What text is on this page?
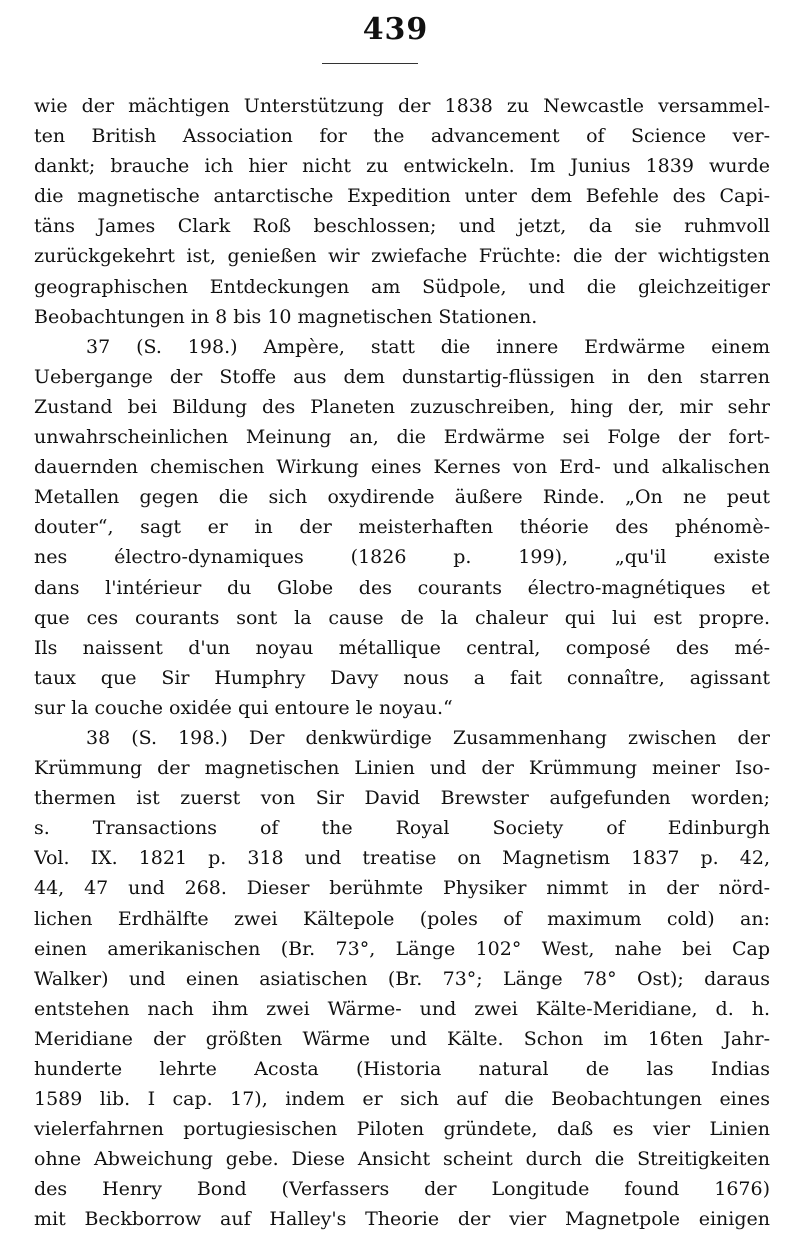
439
wie der mächtigen Unterstützung der 1838 zu Newcastle versammel-
ten British Association for the advancement of Science ver-
dankt; brauche ich hier nicht zu entwickeln. Im Junius 1839 wurde
die magnetische antarctische Expedition unter dem Befehle des Capi-
täns James Clark Roß beschlossen; und jetzt, da sie ruhmvoll
zurückgekehrt ist, genießen wir zwiefache Früchte: die der wichtigsten
geographischen Entdeckungen am Südpole, und die gleichzeitiger
Beobachtungen in 8 bis 10 magnetischen Stationen.
37 (S. 198.) Ampère, statt die innere Erdwärme einem
Uebergange der Stoffe aus dem dunstartig-flüssigen in den starren
Zustand bei Bildung des Planeten zuzuschreiben, hing der, mir sehr
unwahrscheinlichen Meinung an, die Erdwärme sei Folge der fort-
dauernden chemischen Wirkung eines Kernes von Erd- und alkalischen
Metallen gegen die sich oxydirende äußere Rinde. „On ne peut
douter“, sagt er in der meisterhaften théorie des phénomè-
nes électro-dynamiques (1826 p. 199), „qu'il existe
dans l'intérieur du Globe des courants électro-magnétiques et
que ces courants sont la cause de la chaleur qui lui est propre.
Ils naissent d'un noyau métallique central, composé des mé-
taux que Sir Humphry Davy nous a fait connaître, agissant
sur la couche oxidée qui entoure le noyau.“
38 (S. 198.) Der denkwürdige Zusammenhang zwischen der
Krümmung der magnetischen Linien und der Krümmung meiner Iso-
thermen ist zuerst von Sir David Brewster aufgefunden worden;
s. Transactions of the Royal Society of Edinburgh
Vol. IX. 1821 p. 318 und treatise on Magnetism 1837 p. 42,
44, 47 und 268. Dieser berühmte Physiker nimmt in der nörd-
lichen Erdhälfte zwei Kältepole (poles of maximum cold) an:
einen amerikanischen (Br. 73°, Länge 102° West, nahe bei Cap
Walker) und einen asiatischen (Br. 73°; Länge 78° Ost); daraus
entstehen nach ihm zwei Wärme- und zwei Kälte-Meridiane, d. h.
Meridiane der größten Wärme und Kälte. Schon im 16ten Jahr-
hunderte lehrte Acosta (Historia natural de las Indias
1589 lib. I cap. 17), indem er sich auf die Beobachtungen eines
vielerfahrnen portugiesischen Piloten gründete, daß es vier Linien
ohne Abweichung gebe. Diese Ansicht scheint durch die Streitigkeiten
des Henry Bond (Verfassers der Longitude found 1676)
mit Beckborrow auf Halley's Theorie der vier Magnetpole einigen
